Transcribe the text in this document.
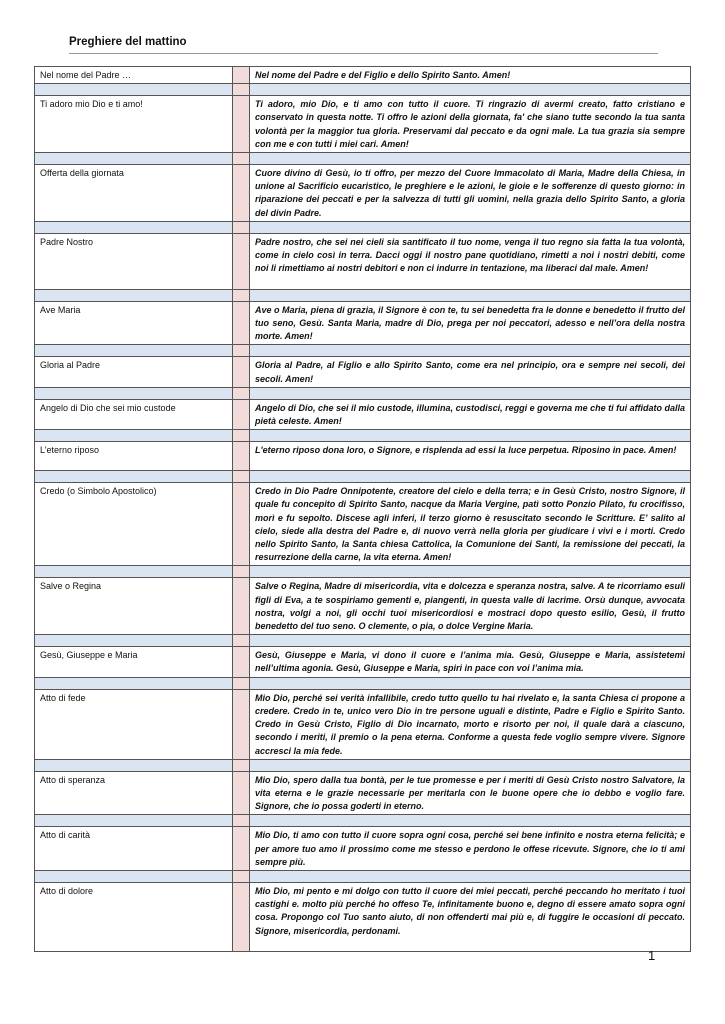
Preghiere del mattino
Nel nome del Padre …		Nel nome del Padre e del Figlio e dello Spirito Santo. Amen!

Ti adoro mio Dio e ti amo!		Ti adoro, mio Dio, e ti amo con tutto il cuore. Ti ringrazio di avermi creato, fatto cristiano e conservato in questa notte. Ti offro le azioni della giornata, fa' che siano tutte secondo la tua santa volontà per la maggior tua gloria. Preservami dal peccato e da ogni male. La tua grazia sia sempre con me e con tutti i miei cari. Amen!

Offerta della giornata		Cuore divino di Gesù, io ti offro, per mezzo del Cuore Immacolato di Maria, Madre della Chiesa, in unione al Sacrificio eucaristico, le preghiere e le azioni, le gioie e le sofferenze di questo giorno: in riparazione dei peccati e per la salvezza di tutti gli uomini, nella grazia dello Spirito Santo, a gloria del divin Padre.

Padre Nostro		Padre nostro, che sei nei cieli sia santificato il tuo nome, venga il tuo regno sia fatta la tua volontà, come in cielo così in terra. Dacci oggi il nostro pane quotidiano, rimetti a noi i nostri debiti, come noi li rimettiamo ai nostri debitori e non ci indurre in tentazione, ma liberaci dal male. Amen!

Ave Maria		Ave o Maria, piena di grazia, il Signore è con te, tu sei benedetta fra le donne e benedetto il frutto del tuo seno, Gesù. Santa Maria, madre di Dio, prega per noi peccatori, adesso e nell’ora della nostra morte. Amen!

Gloria al Padre		Gloria al Padre, al Figlio e allo Spirito Santo, come era nel principio, ora e sempre nei secoli, dei secoli. Amen!

Angelo di Dio che sei mio custode		Angelo di Dio, che sei il mio custode, illumina, custodisci, reggi e governa me che ti fui affidato dalla pietà celeste. Amen!

L’eterno riposo		L'eterno riposo dona loro, o Signore, e risplenda ad essi la luce perpetua. Riposino in pace. Amen!

Credo (o Simbolo Apostolico)		Credo in Dio Padre Onnipotente, creatore del cielo e della terra; e in Gesù Cristo, nostro Signore, il quale fu concepito di Spirito Santo, nacque da Maria Vergine, patì sotto Ponzio Pilato, fu crocifisso, morì e fu sepolto. Discese agli inferi, il terzo giorno è resuscitato secondo le Scritture. E’ salito al cielo, siede alla destra del Padre e, di nuovo verrà nella gloria per giudicare i vivi e i morti. Credo nello Spirito Santo, la Santa chiesa Cattolica, la Comunione dei Santi, la remissione dei peccati, la resurrezione della carne, la vita eterna. Amen!

Salve o Regina		Salve o Regina, Madre di misericordia, vita e dolcezza e speranza nostra, salve. A te ricorriamo esuli figli di Eva, a te sospiriamo gementi e, piangenti, in questa valle di lacrime. Orsù dunque, avvocata nostra, volgi a noi, gli occhi tuoi misericordiosi e mostraci dopo questo esilio, Gesù, il frutto benedetto del tuo seno. O clemente, o pia, o dolce Vergine Maria.

Gesù, Giuseppe e Maria		Gesù, Giuseppe e Maria, vi dono il cuore e l’anima mia. Gesù, Giuseppe e Maria, assistetemi nell’ultima agonia. Gesù, Giuseppe e Maria, spiri in pace con voi l’anima mia.

Atto di fede		Mio Dio, perché sei verità infallibile, credo tutto quello tu hai rivelato e, la santa Chiesa ci propone a credere. Credo in te, unico vero Dio in tre persone uguali e distinte, Padre e Figlio e Spirito Santo. Credo in Gesù Cristo, Figlio di Dio incarnato, morto e risorto per noi, il quale darà a ciascuno, secondo i meriti, il premio o la pena eterna. Conforme a questa fede voglio sempre vivere. Signore accresci la mia fede.

Atto di speranza		Mio Dio, spero dalla tua bontà, per le tue promesse e per i meriti di Gesù Cristo nostro Salvatore, la vita eterna e le grazie necessarie per meritarla con le buone opere che io debbo e voglio fare. Signore, che io possa goderti in eterno.

Atto di carità		Mio Dio, ti amo con tutto il cuore sopra ogni cosa, perché sei bene infinito e nostra eterna felicità; e per amore tuo amo il prossimo come me stesso e perdono le offese ricevute. Signore, che io ti ami sempre più.

Atto di dolore		Mio Dio, mi pento e mi dolgo con tutto il cuore dei miei peccati, perché peccando ho meritato i tuoi castighi e. molto più perché ho offeso Te, infinitamente buono e, degno di essere amato sopra ogni cosa. Propongo col Tuo santo aiuto, di non offenderti mai più e, di fuggire le occasioni di peccato. Signore, misericordia, perdonami.
1
